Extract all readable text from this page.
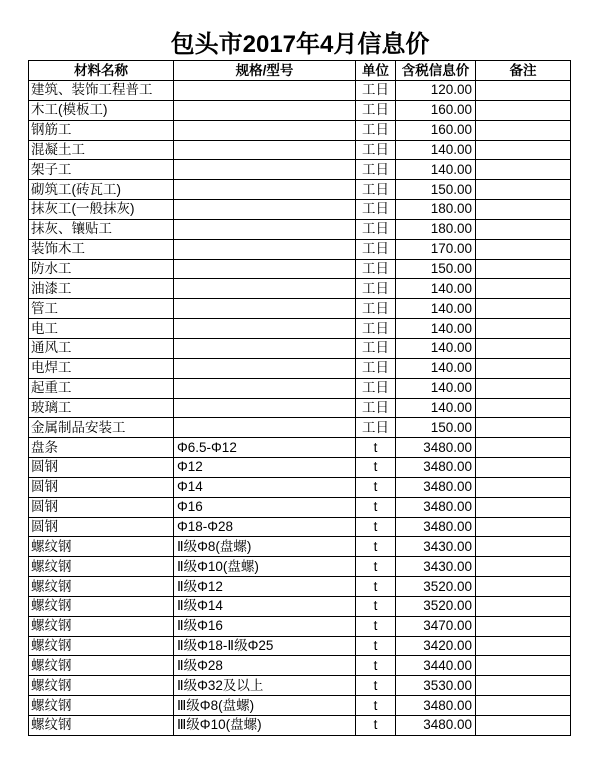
包头市2017年4月信息价
材料名称	规格/型号	单位	含税信息价	备注
建筑、装饰工程普工		工日	120.00	
木工(模板工)		工日	160.00	
钢筋工		工日	160.00	
混凝土工		工日	140.00	
架子工		工日	140.00	
砌筑工(砖瓦工)		工日	150.00	
抹灰工(一般抹灰)		工日	180.00	
抹灰、镶贴工		工日	180.00	
装饰木工		工日	170.00	
防水工		工日	150.00	
油漆工		工日	140.00	
管工		工日	140.00	
电工		工日	140.00	
通风工		工日	140.00	
电焊工		工日	140.00	
起重工		工日	140.00	
玻璃工		工日	140.00	
金属制品安装工		工日	150.00	
盘条	Φ6.5-Φ12	t	3480.00	
圆钢	Φ12	t	3480.00	
圆钢	Φ14	t	3480.00	
圆钢	Φ16	t	3480.00	
圆钢	Φ18-Φ28	t	3480.00	
螺纹钢	Ⅱ级Φ8(盘螺)	t	3430.00	
螺纹钢	Ⅱ级Φ10(盘螺)	t	3430.00	
螺纹钢	Ⅱ级Φ12	t	3520.00	
螺纹钢	Ⅱ级Φ14	t	3520.00	
螺纹钢	Ⅱ级Φ16	t	3470.00	
螺纹钢	Ⅱ级Φ18-Ⅱ级Φ25	t	3420.00	
螺纹钢	Ⅱ级Φ28	t	3440.00	
螺纹钢	Ⅱ级Φ32及以上	t	3530.00	
螺纹钢	Ⅲ级Φ8(盘螺)	t	3480.00	
螺纹钢	Ⅲ级Φ10(盘螺)	t	3480.00	
